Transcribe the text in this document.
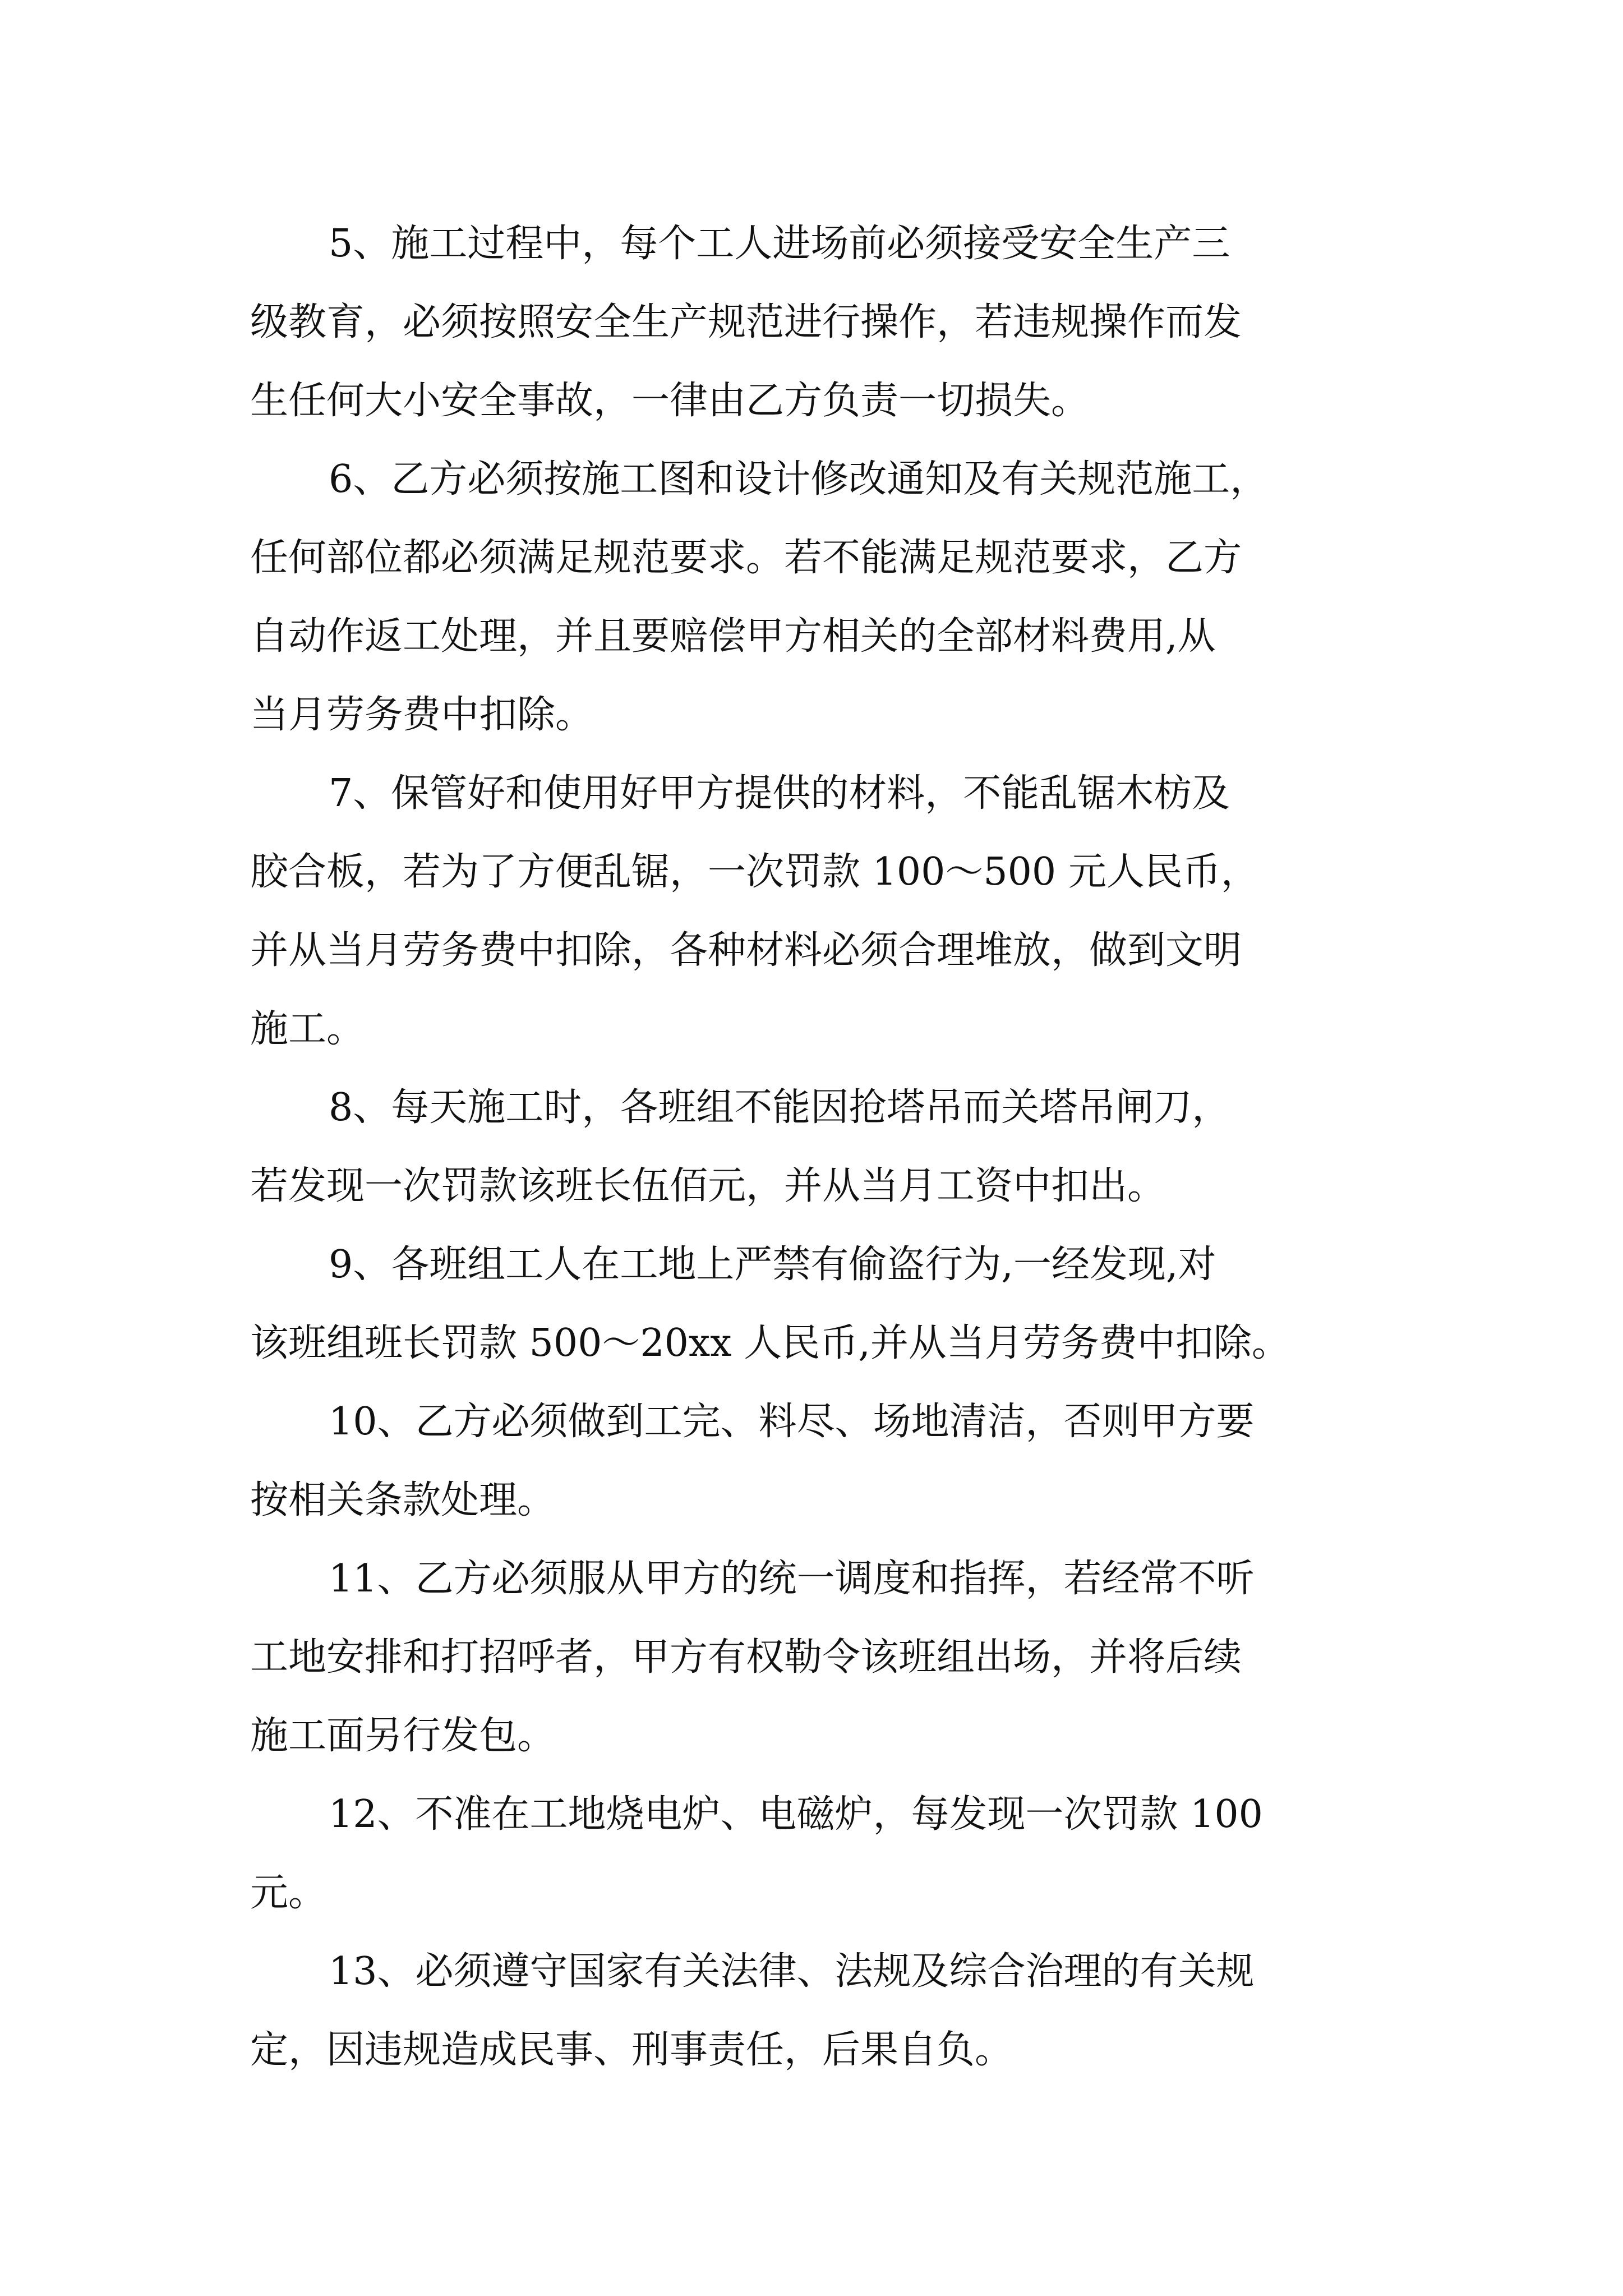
5、施工过程中，每个工人进场前必须接受安全生产三
级教育，必须按照安全生产规范进行操作，若违规操作而发
生任何大小安全事故，一律由乙方负责一切损失。
6、乙方必须按施工图和设计修改通知及有关规范施工，
任何部位都必须满足规范要求。若不能满足规范要求，乙方
自动作返工处理，并且要赔偿甲方相关的全部材料费用,从
当月劳务费中扣除。
7、保管好和使用好甲方提供的材料，不能乱锯木枋及
胶合板，若为了方便乱锯，一次罚款 100～500 元人民币，
并从当月劳务费中扣除，各种材料必须合理堆放，做到文明
施工。
8、每天施工时，各班组不能因抢塔吊而关塔吊闸刀，
若发现一次罚款该班长伍佰元，并从当月工资中扣出。
9、各班组工人在工地上严禁有偷盗行为,一经发现,对
该班组班长罚款 500～20xx 人民币,并从当月劳务费中扣除。
10、乙方必须做到工完、料尽、场地清洁，否则甲方要
按相关条款处理。
11、乙方必须服从甲方的统一调度和指挥，若经常不听
工地安排和打招呼者，甲方有权勒令该班组出场，并将后续
施工面另行发包。
12、不准在工地烧电炉、电磁炉，每发现一次罚款 100
元。
13、必须遵守国家有关法律、法规及综合治理的有关规
定，因违规造成民事、刑事责任，后果自负。
